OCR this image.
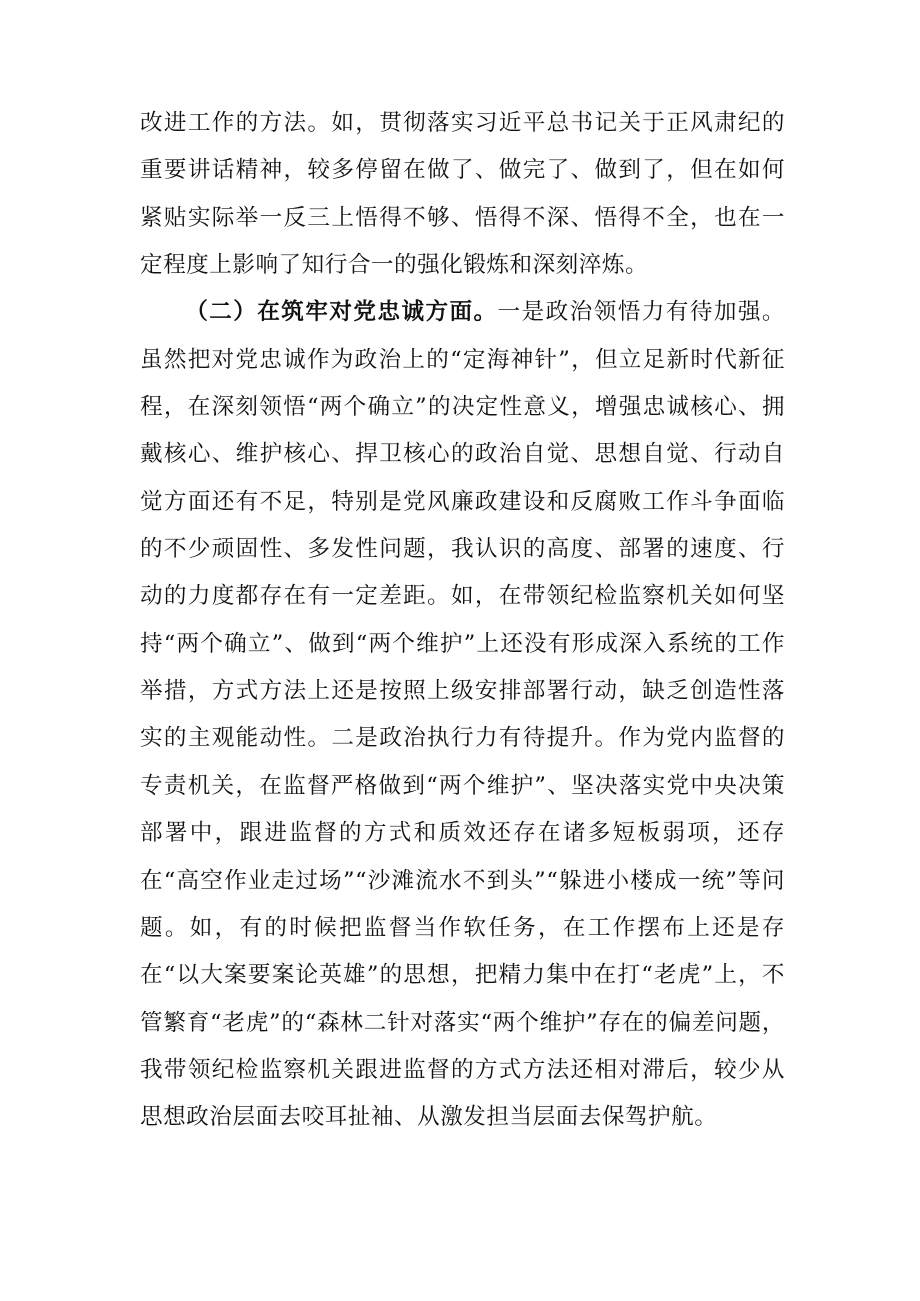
改进工作的方法。如，贯彻落实习近平总书记关于正风肃纪的重要讲话精神，较多停留在做了、做完了、做到了，但在如何紧贴实际举一反三上悟得不够、悟得不深、悟得不全，也在一定程度上影响了知行合一的强化锻炼和深刻淬炼。

（二）在筑牢对党忠诚方面。一是政治领悟力有待加强。虽然把对党忠诚作为政治上的“定海神针”，但立足新时代新征程，在深刻领悟“两个确立”的决定性意义，增强忠诚核心、拥戴核心、维护核心、捍卫核心的政治自觉、思想自觉、行动自觉方面还有不足，特别是党风廉政建设和反腐败工作斗争面临的不少顽固性、多发性问题，我认识的高度、部署的速度、行动的力度都存在有一定差距。如，在带领纪检监察机关如何坚持“两个确立”、做到“两个维护”上还没有形成深入系统的工作举措，方式方法上还是按照上级安排部署行动，缺乏创造性落实的主观能动性。二是政治执行力有待提升。作为党内监督的专责机关，在监督严格做到“两个维护”、坚决落实党中央决策部署中，跟进监督的方式和质效还存在诸多短板弱项，还存在“高空作业走过场”“沙滩流水不到头”“躲进小楼成一统”等问题。如，有的时候把监督当作软任务，在工作摆布上还是存在“以大案要案论英雄”的思想，把精力集中在打“老虎”上，不管繁育“老虎”的“森林二针对落实“两个维护”存在的偏差问题，我带领纪检监察机关跟进监督的方式方法还相对滞后，较少从思想政治层面去咬耳扯袖、从激发担当层面去保驾护航。
